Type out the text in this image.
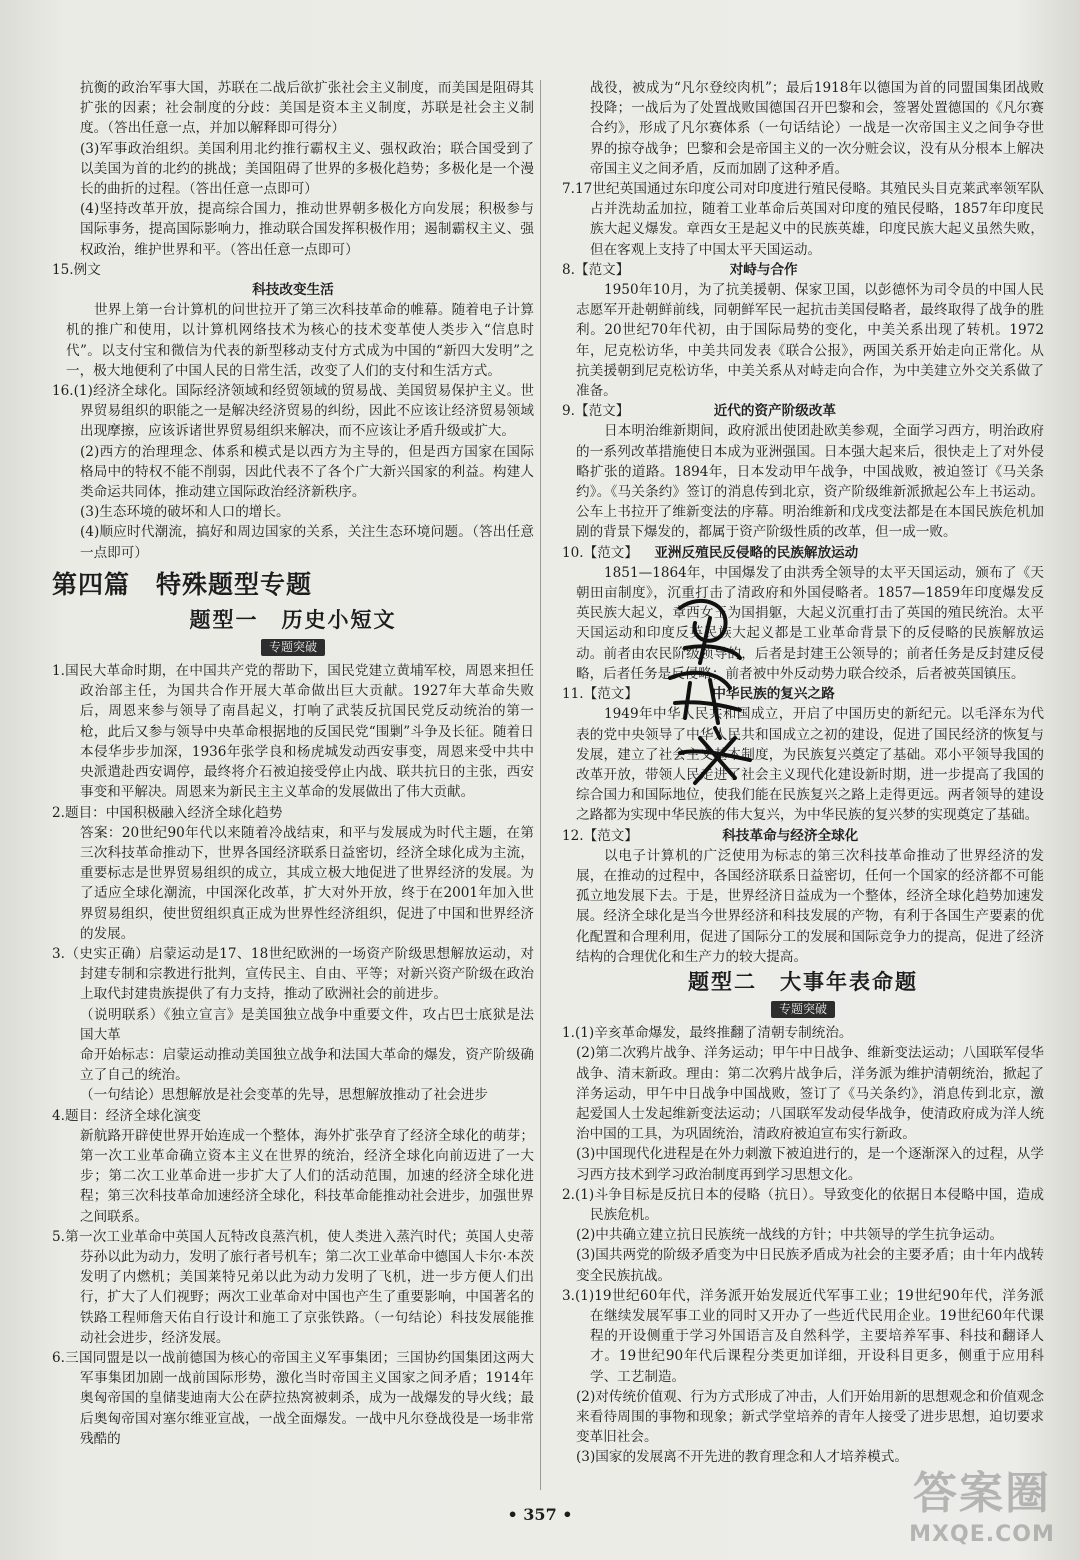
抗衡的政治军事大国，苏联在二战后欲扩张社会主义制度，而美国是阻碍其扩张的因素；社会制度的分歧：美国是资本主义制度，苏联是社会主义制度。（答出任意一点，并加以解释即可得分）

(3)军事政治组织。美国利用北约推行霸权主义、强权政治；联合国受到了以美国为首的北约的挑战；美国阻碍了世界的多极化趋势；多极化是一个漫长的曲折的过程。（答出任意一点即可）

(4)坚持改革开放，提高综合国力，推动世界朝多极化方向发展；积极参与国际事务，提高国际影响力，推动联合国发挥积极作用；遏制霸权主义、强权政治，维护世界和平。（答出任意一点即可）

15.例文

科技改变生活

世界上第一台计算机的问世拉开了第三次科技革命的帷幕。随着电子计算机的推广和使用，以计算机网络技术为核心的技术变革使人类步入“信息时代”。以支付宝和微信为代表的新型移动支付方式成为中国的“新四大发明”之一，极大地便利了中国人民的日常生活，改变了人们的支付和生活方式。

16.(1)经济全球化。国际经济领域和经贸领域的贸易战、美国贸易保护主义。世界贸易组织的职能之一是解决经济贸易的纠纷，因此不应该让经济贸易领域出现摩擦，应该诉诸世界贸易组织来解决，而不应该让矛盾升级或扩大。

(2)西方的治理理念、体系和模式是以西方为主导的，但是西方国家在国际格局中的特权不能不削弱，因此代表不了各个广大新兴国家的利益。构建人类命运共同体，推动建立国际政治经济新秩序。

(3)生态环境的破坏和人口的增长。

(4)顺应时代潮流，搞好和周边国家的关系，关注生态环境问题。（答出任意一点即可）

第四篇　特殊题型专题
题型一　历史小短文
专题突破

1.国民大革命时期，在中国共产党的帮助下，国民党建立黄埔军校，周恩来担任政治部主任，为国共合作开展大革命做出巨大贡献。1927年大革命失败后，周恩来参与领导了南昌起义，打响了武装反抗国民党反动统治的第一枪，此后又参与领导中央革命根据地的反国民党“围剿”斗争及长征。随着日本侵华步步加深，1936年张学良和杨虎城发动西安事变，周恩来受中共中央派遣赴西安调停，最终将介石被迫接受停止内战、联共抗日的主张，西安事变和平解决。周恩来为新民主主义革命的发展做出了伟大贡献。

2.题目：中国积极融入经济全球化趋势

答案：20世纪90年代以来随着冷战结束，和平与发展成为时代主题，在第三次科技革命推动下，世界各国经济联系日益密切，经济全球化成为主流，重要标志是世界贸易组织的成立，其成立极大地促进了世界经济的发展。为了适应全球化潮流，中国深化改革，扩大对外开放，终于在2001年加入世界贸易组织，使世贸组织真正成为世界性经济组织，促进了中国和世界经济的发展。

3.（史实正确）启蒙运动是17、18世纪欧洲的一场资产阶级思想解放运动，对封建专制和宗教进行批判，宣传民主、自由、平等；对新兴资产阶级在政治上取代封建贵族提供了有力支持，推动了欧洲社会的前进步。

（说明联系）《独立宣言》是美国独立战争中重要文件，攻占巴士底狱是法国大革

命开始标志：启蒙运动推动美国独立战争和法国大革命的爆发，资产阶级确立了自己的统治。

（一句结论）思想解放是社会变革的先导，思想解放推动了社会进步

4.题目：经济全球化演变

新航路开辟使世界开始连成一个整体，海外扩张孕育了经济全球化的萌芽；第一次工业革命确立资本主义在世界的统治，经济全球化向前迈进了一大步；第二次工业革命进一步扩大了人们的活动范围，加速的经济全球化进程；第三次科技革命加速经济全球化，科技革命能推动社会进步，加强世界之间联系。

5.第一次工业革命中英国人瓦特改良蒸汽机，使人类进入蒸汽时代；英国人史蒂芬孙以此为动力，发明了旅行者号机车；第二次工业革命中德国人卡尔·本茨发明了内燃机；美国莱特兄弟以此为动力发明了飞机，进一步方便人们出行，扩大了人们视野；两次工业革命对中国也产生了重要影响，中国著名的铁路工程师詹天佑自行设计和施工了京张铁路。（一句结论）科技发展能推动社会进步，经济发展。

6.三国同盟是以一战前德国为核心的帝国主义军事集团；三国协约国集团这两大军事集团加剧一战前国际形势，激化当时帝国主义国家之间矛盾；1914年奥匈帝国的皇储斐迪南大公在萨拉热窝被刺杀，成为一战爆发的导火线；最后奥匈帝国对塞尔维亚宣战，一战全面爆发。一战中凡尔登战役是一场非常残酷的

战役，被成为“凡尔登绞肉机”；最后1918年以德国为首的同盟国集团战败投降；一战后为了处置战败国德国召开巴黎和会，签署处置德国的《凡尔赛合约》，形成了凡尔赛体系（一句话结论）一战是一次帝国主义之间争夺世界的掠夺战争；巴黎和会是帝国主义的一次分赃会议，没有从分根本上解决帝国主义之间矛盾，反而加剧了这种矛盾。

7.17世纪英国通过东印度公司对印度进行殖民侵略。其殖民头目克莱武率领军队占并洗劫孟加拉，随着工业革命后英国对印度的殖民侵略，1857年印度民族大起义爆发。章西女王是起义中的民族英雄，印度民族大起义虽然失败，但在客观上支持了中国太平天国运动。

8.【范文】	对峙与合作

1950年10月，为了抗美援朝、保家卫国，以彭德怀为司令员的中国人民志愿军开赴朝鲜前线，同朝鲜军民一起抗击美国侵略者，最终取得了战争的胜利。20世纪70年代初，由于国际局势的变化，中美关系出现了转机。1972年，尼克松访华，中美共同发表《联合公报》，两国关系开始走向正常化。从抗美援朝到尼克松访华，中美关系从对峙走向合作，为中美建立外交关系做了准备。

9.【范文】	近代的资产阶级改革

日本明治维新期间，政府派出使团赴欧美参观，全面学习西方，明治政府的一系列改革措施使日本成为亚洲强国。日本强大起来后，很快走上了对外侵略扩张的道路。1894年，日本发动甲午战争，中国战败，被迫签订《马关条约》。《马关条约》签订的消息传到北京，资产阶级维新派掀起公车上书运动。公车上书拉开了维新变法的序幕。明治维新和戊戌变法都是在本国民族危机加剧的背景下爆发的，都属于资产阶级性质的改革，但一成一败。

10.【范文】 亚洲反殖民反侵略的民族解放运动

1851—1864年，中国爆发了由洪秀全领导的太平天国运动，颁布了《天朝田亩制度》，沉重打击了清政府和外国侵略者。1857—1859年印度爆发反英民族大起义，章西女王为国捐躯，大起义沉重打击了英国的殖民统治。太平天国运动和印度反英民族大起义都是工业革命背景下的反侵略的民族解放运动。前者由农民阶级领导的，后者是封建王公领导的；前者任务是反封建反侵略，后者任务是反侵略；前者被中外反动势力联合绞杀，后者被英国镇压。

11.【范文】	中华民族的复兴之路

1949年中华人民共和国成立，开启了中国历史的新纪元。以毛泽东为代表的党中央领导了中华人民共和国成立之初的建设，促进了国民经济的恢复与发展，建立了社会主义基本制度，为民族复兴奠定了基础。邓小平领导我国的改革开放，带领人民走进了社会主义现代化建设新时期，进一步提高了我国的综合国力和国际地位，使我们能在民族复兴之路上走得更远。两者领导的建设之路都为实现中华民族的伟大复兴，为中华民族的复兴梦的实现奠定了基础。

12.【范文】	科技革命与经济全球化

以电子计算机的广泛使用为标志的第三次科技革命推动了世界经济的发展，在推动的过程中，各国经济联系日益密切，任何一个国家的经济都不可能孤立地发展下去。于是，世界经济日益成为一个整体，经济全球化趋势加速发展。经济全球化是当今世界经济和科技发展的产物，有利于各国生产要素的优化配置和合理利用，促进了国际分工的发展和国际竞争力的提高，促进了经济结构的合理优化和生产力的较大提高。

题型二　大事年表命题
专题突破

1.(1)辛亥革命爆发，最终推翻了清朝专制统治。

(2)第二次鸦片战争、洋务运动；甲午中日战争、维新变法运动；八国联军侵华战争、清末新政。理由：第二次鸦片战争后，洋务派为维护清朝统治，掀起了洋务运动，甲午中日战争中国战败，签订了《马关条约》，消息传到北京，激起爱国人士发起维新变法运动；八国联军发动侵华战争，使清政府成为洋人统治中国的工具，为巩固统治，清政府被迫宣布实行新政。

(3)中国现代化进程是在外力刺激下被迫进行的，是一个逐渐深入的过程，从学习西方技术到学习政治制度再到学习思想文化。

2.(1)斗争目标是反抗日本的侵略（抗日）。导致变化的依据日本侵略中国，造成民族危机。

(2)中共确立建立抗日民族统一战线的方针；中共领导的学生抗争运动。

(3)国共两党的阶级矛盾变为中日民族矛盾成为社会的主要矛盾；由十年内战转变全民族抗战。

3.(1)19世纪60年代，洋务派开始发展近代军事工业；19世纪90年代，洋务派在继续发展军事工业的同时又开办了一些近代民用企业。19世纪60年代课程的开设侧重于学习外国语言及自然科学，主要培养军事、科技和翻译人才。19世纪90年代后课程分类更加详细，开设科目更多，侧重于应用科学、工艺制造。

(2)对传统价值观、行为方式形成了冲击，人们开始用新的思想观念和价值观念来看待周围的事物和现象；新式学堂培养的青年人接受了进步思想，迫切要求变革旧社会。

(3)国家的发展离不开先进的教育理念和人才培养模式。

• 357 •	答案圈
MXQE.COM
